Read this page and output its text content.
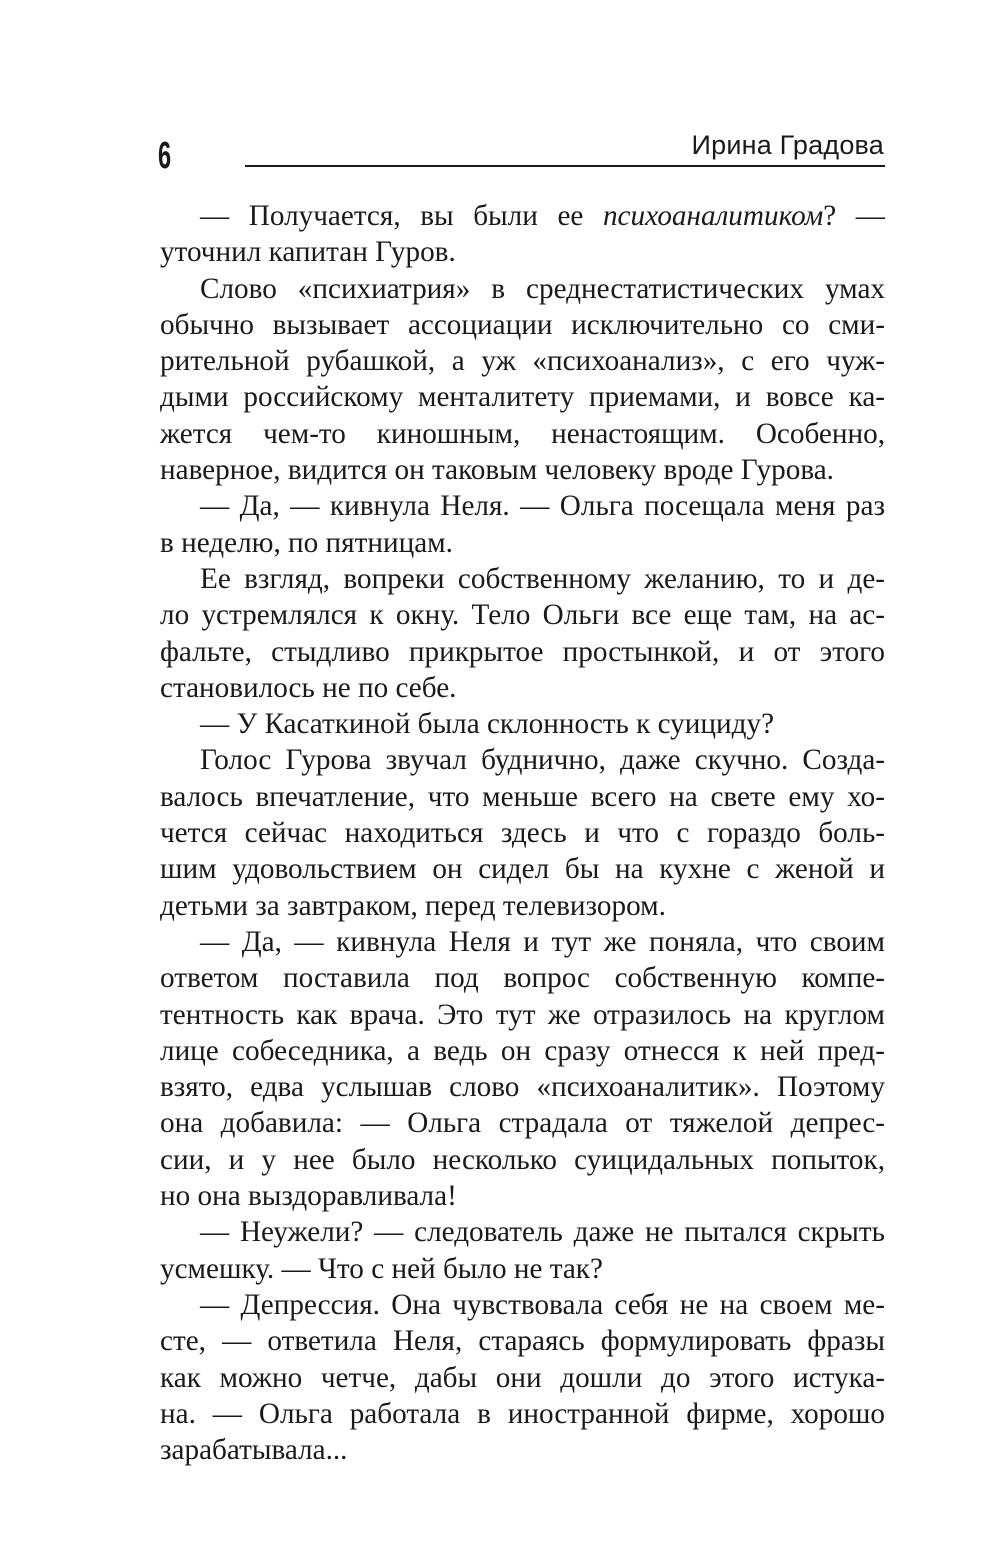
6	Ирина Градова
— Получается, вы были ее психоаналитиком? —
уточнил капитан Гуров.
Слово «психиатрия» в среднестатистических умах
обычно вызывает ассоциации исключительно со сми-
рительной рубашкой, а уж «психоанализ», с его чуж-
дыми российскому менталитету приемами, и вовсе ка-
жется чем-то киношным, ненастоящим. Особенно,
наверное, видится он таковым человеку вроде Гурова.
— Да, — кивнула Неля. — Ольга посещала меня раз
в неделю, по пятницам.
Ее взгляд, вопреки собственному желанию, то и де-
ло устремлялся к окну. Тело Ольги все еще там, на ас-
фальте, стыдливо прикрытое простынкой, и от этого
становилось не по себе.
— У Касаткиной была склонность к суициду?
Голос Гурова звучал буднично, даже скучно. Созда-
валось впечатление, что меньше всего на свете ему хо-
чется сейчас находиться здесь и что с гораздо боль-
шим удовольствием он сидел бы на кухне с женой и
детьми за завтраком, перед телевизором.
— Да, — кивнула Неля и тут же поняла, что своим
ответом поставила под вопрос собственную компе-
тентность как врача. Это тут же отразилось на круглом
лице собеседника, а ведь он сразу отнесся к ней пред-
взято, едва услышав слово «психоаналитик». Поэтому
она добавила: — Ольга страдала от тяжелой депрес-
сии, и у нее было несколько суицидальных попыток,
но она выздоравливала!
— Неужели? — следователь даже не пытался скрыть
усмешку. — Что с ней было не так?
— Депрессия. Она чувствовала себя не на своем ме-
сте, — ответила Неля, стараясь формулировать фразы
как можно четче, дабы они дошли до этого истука-
на. — Ольга работала в иностранной фирме, хорошо
зарабатывала...
